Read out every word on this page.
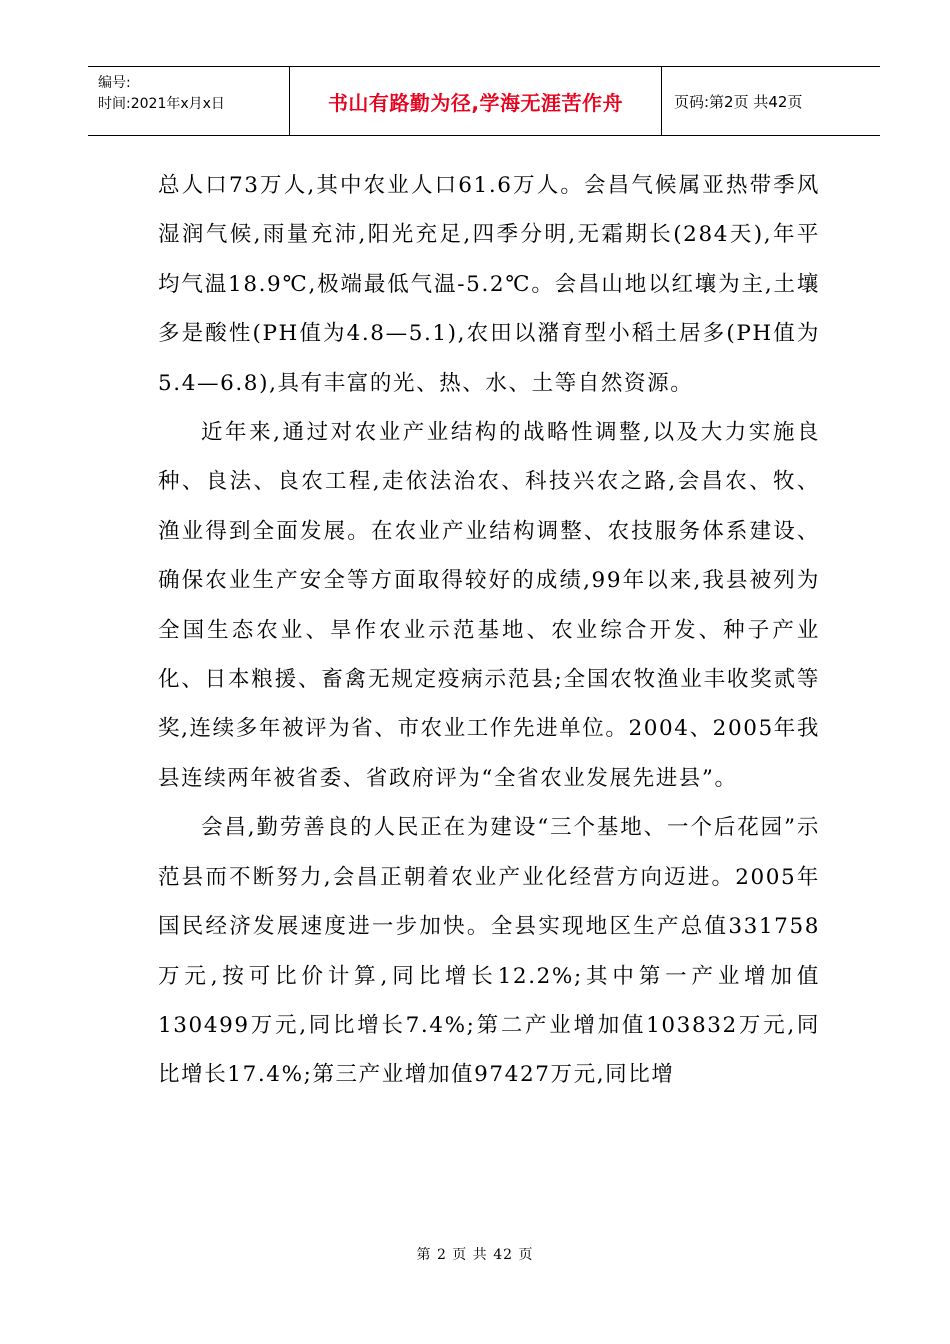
编号:
时间:2021年x月x日	书山有路勤为径,学海无涯苦作舟	页码:第2页 共42页

总人口73万人,其中农业人口61.6万人。会昌气候属亚热带季风湿润气候,雨量充沛,阳光充足,四季分明,无霜期长(284天),年平均气温18.9℃,极端最低气温-5.2℃。会昌山地以红壤为主,土壤多是酸性(PH值为4.8—5.1),农田以潴育型小稻土居多(PH值为5.4—6.8),具有丰富的光、热、水、土等自然资源。

近年来,通过对农业产业结构的战略性调整,以及大力实施良种、良法、良农工程,走依法治农、科技兴农之路,会昌农、牧、渔业得到全面发展。在农业产业结构调整、农技服务体系建设、确保农业生产安全等方面取得较好的成绩,99年以来,我县被列为全国生态农业、旱作农业示范基地、农业综合开发、种子产业化、日本粮援、畜禽无规定疫病示范县;全国农牧渔业丰收奖贰等奖,连续多年被评为省、市农业工作先进单位。2004、2005年我县连续两年被省委、省政府评为“全省农业发展先进县”。

会昌,勤劳善良的人民正在为建设“三个基地、一个后花园”示范县而不断努力,会昌正朝着农业产业化经营方向迈进。2005年国民经济发展速度进一步加快。全县实现地区生产总值331758万元,按可比价计算,同比增长12.2%;其中第一产业增加值130499万元,同比增长7.4%;第二产业增加值103832万元,同比增长17.4%;第三产业增加值97427万元,同比增

第 2 页 共 42 页
